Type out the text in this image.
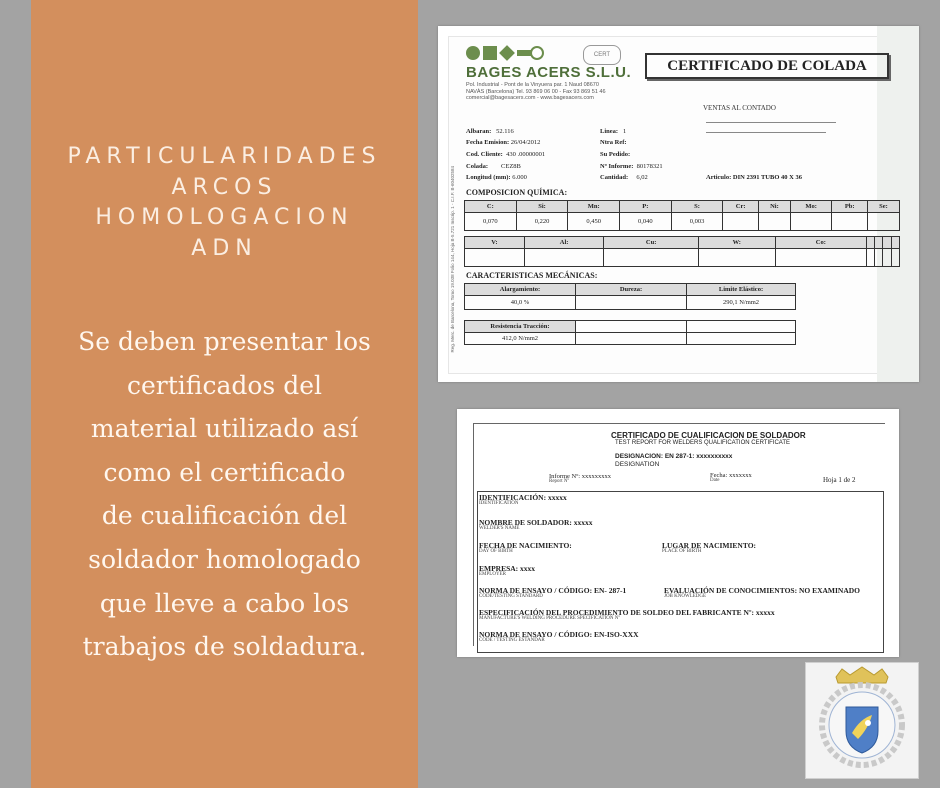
PARTICULARIDADES
ARCOS
HOMOLOGACION
ADN
Se deben presentar los
certificados del
material utilizado así
como el certificado
de cualificación del
soldador homologado
que lleve a cabo los
trabajos de soldadura.
BAGES ACERS S.L.U.
Pol. Industrial - Pont de la Vinyuera par. 1 Naud 08670 NAVÀS (Barcelona) Tel. 93 869 06 00 - Fax 93 869 51 46 comercial@bagesacers.com - www.bagesacers.com
CERT
CERTIFICADO DE COLADA
VENTAS AL CONTADO
Albaran: 52.116
Fecha Emision: 26/04/2012
Cod. Cliente: 430 .00000001
Colada: CEZ8B
Longitud (mm): 6.000
Linea: 1
Ntra Ref:
Su Pedido:
Nº Informe: 80178321
Cantidad: 6,02	Articulo: DIN 2391 TUBO 40 X 36
COMPOSICION QUÍMICA:
C:	Si:	Mn:	P:	S:	Cr:	Ni:	Mo:	Pb:	Se:
0,070	0,220	0,450	0,040	0,003					
V:	Al:	Cu:	W:	Co:				

CARACTERISTICAS MECÁNICAS:
Alargamiento:	Dureza:	Limite Elástico:
40,0 %		290,1 N/mm2
Resistencia Tracción:		
412,0 N/mm2		
Reg. Merc. de Barcelona, Tomo 19.038 Folio 144, Hoja B-5.721 Inscrip. 1 - C.I.F. B-60402584
CERTIFICADO DE CUALIFICACION DE SOLDADOR
TEST REPORT FOR WELDERS QUALIFICATION CERTIFICATE
DESIGNACION: EN 287-1: xxxxxxxxxx
DESIGNATION
Informe Nº: xxxxxxxxx
Report Nº
Fecha: xxxxxxx
Date	Hoja 1 de 2
IDENTIFICACIÓN: xxxxx
IDENTIFICATION
NOMBRE DE SOLDADOR: xxxxx
WELDER'S NAME
FECHA DE NACIMIENTO:
DAY OF BIRTH
LUGAR DE NACIMIENTO:
PLACE OF BIRTH
EMPRESA: xxxx
EMPLOYER
NORMA DE ENSAYO / CÓDIGO: EN- 287-1
CODE/TESTING STANDARD
EVALUACIÓN DE CONOCIMIENTOS: NO EXAMINADO
JOB KNOWLEDGE
ESPECIFICACIÓN DEL PROCEDIMIENTO DE SOLDEO DEL FABRICANTE Nº: xxxxx
MANUFACTURE'S WELDING PROCEDURE SPECIFICATION Nº
NORMA DE ENSAYO / CÓDIGO: EN-ISO-XXX
CODE / TESTING ESTANDAR
